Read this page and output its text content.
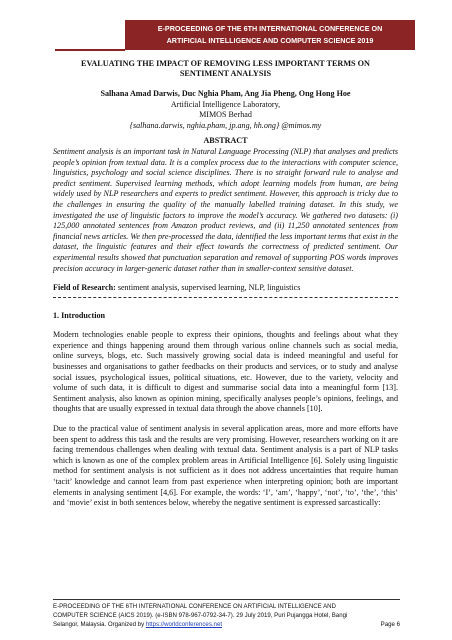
E-PROCEEDING OF THE 6TH INTERNATIONAL CONFERENCE ON
ARTIFICIAL INTELLIGENCE AND COMPUTER SCIENCE 2019

EVALUATING THE IMPACT OF REMOVING LESS IMPORTANT TERMS ON
SENTIMENT ANALYSIS

Salhana Amad Darwis, Duc Nghia Pham, Ang Jia Pheng, Ong Hong Hoe
Artificial Intelligence Laboratory,
MIMOS Berhad
{salhana.darwis, nghia.pham, jp.ang, hh.ong} @mimos.my
ABSTRACT

Sentiment analysis is an important task in Natural Language Processing (NLP) that analyses and predicts people’s opinion from textual data. It is a complex process due to the interactions with computer science, linguistics, psychology and social science disciplines. There is no straight forward rule to analyse and predict sentiment. Supervised learning methods, which adopt learning models from human, are being widely used by NLP researchers and experts to predict sentiment. However, this approach is tricky due to the challenges in ensuring the quality of the manually labelled training dataset. In this study, we investigated the use of linguistic factors to improve the model’s accuracy. We gathered two datasets: (i) 125,000 annotated sentences from Amazon product reviews, and (ii) 11,250 annotated sentences from financial news articles. We then pre-processed the data, identified the less important terms that exist in the dataset, the linguistic features and their effect towards the correctness of predicted sentiment. Our experimental results showed that punctuation separation and removal of supporting POS words improves precision accuracy in larger-generic dataset rather than in smaller-context sensitive dataset.

Field of Research: sentiment analysis, supervised learning, NLP, linguistics
1. Introduction

Modern technologies enable people to express their opinions, thoughts and feelings about what they experience and things happening around them through various online channels such as social media, online surveys, blogs, etc. Such massively growing social data is indeed meaningful and useful for businesses and organisations to gather feedbacks on their products and services, or to study and analyse social issues, psychological issues, political situations, etc. However, due to the variety, velocity and volume of such data, it is difficult to digest and summarise social data into a meaningful form [13]. Sentiment analysis, also known as opinion mining, specifically analyses people’s opinions, feelings, and thoughts that are usually expressed in textual data through the above channels [10].

Due to the practical value of sentiment analysis in several application areas, more and more efforts have been spent to address this task and the results are very promising. However, researchers working on it are facing tremendous challenges when dealing with textual data. Sentiment analysis is a part of NLP tasks which is known as one of the complex problem areas in Artificial Intelligence [6]. Solely using linguistic method for sentiment analysis is not sufficient as it does not address uncertainties that require human ‘tacit’ knowledge and cannot learn from past experience when interpreting opinion; both are important elements in analysing sentiment [4,6]. For example, the words: ‘I’, ‘am’, ‘happy’, ‘not’, ‘to’, ‘the’, ‘this’ and ‘movie’ exist in both sentences below, whereby the negative sentiment is expressed sarcastically:

E-PROCEEDING OF THE 6TH INTERNATIONAL CONFERENCE ON ARTIFICIAL INTELLIGENCE AND
COMPUTER SCIENCE (AICS 2019). (e-ISBN 978-967-0792-34-7). 29 July 2019, Puri Pujangga Hotel, Bangi
Selangor, Malaysia. Organized by https://worldconferences.net	Page 6
